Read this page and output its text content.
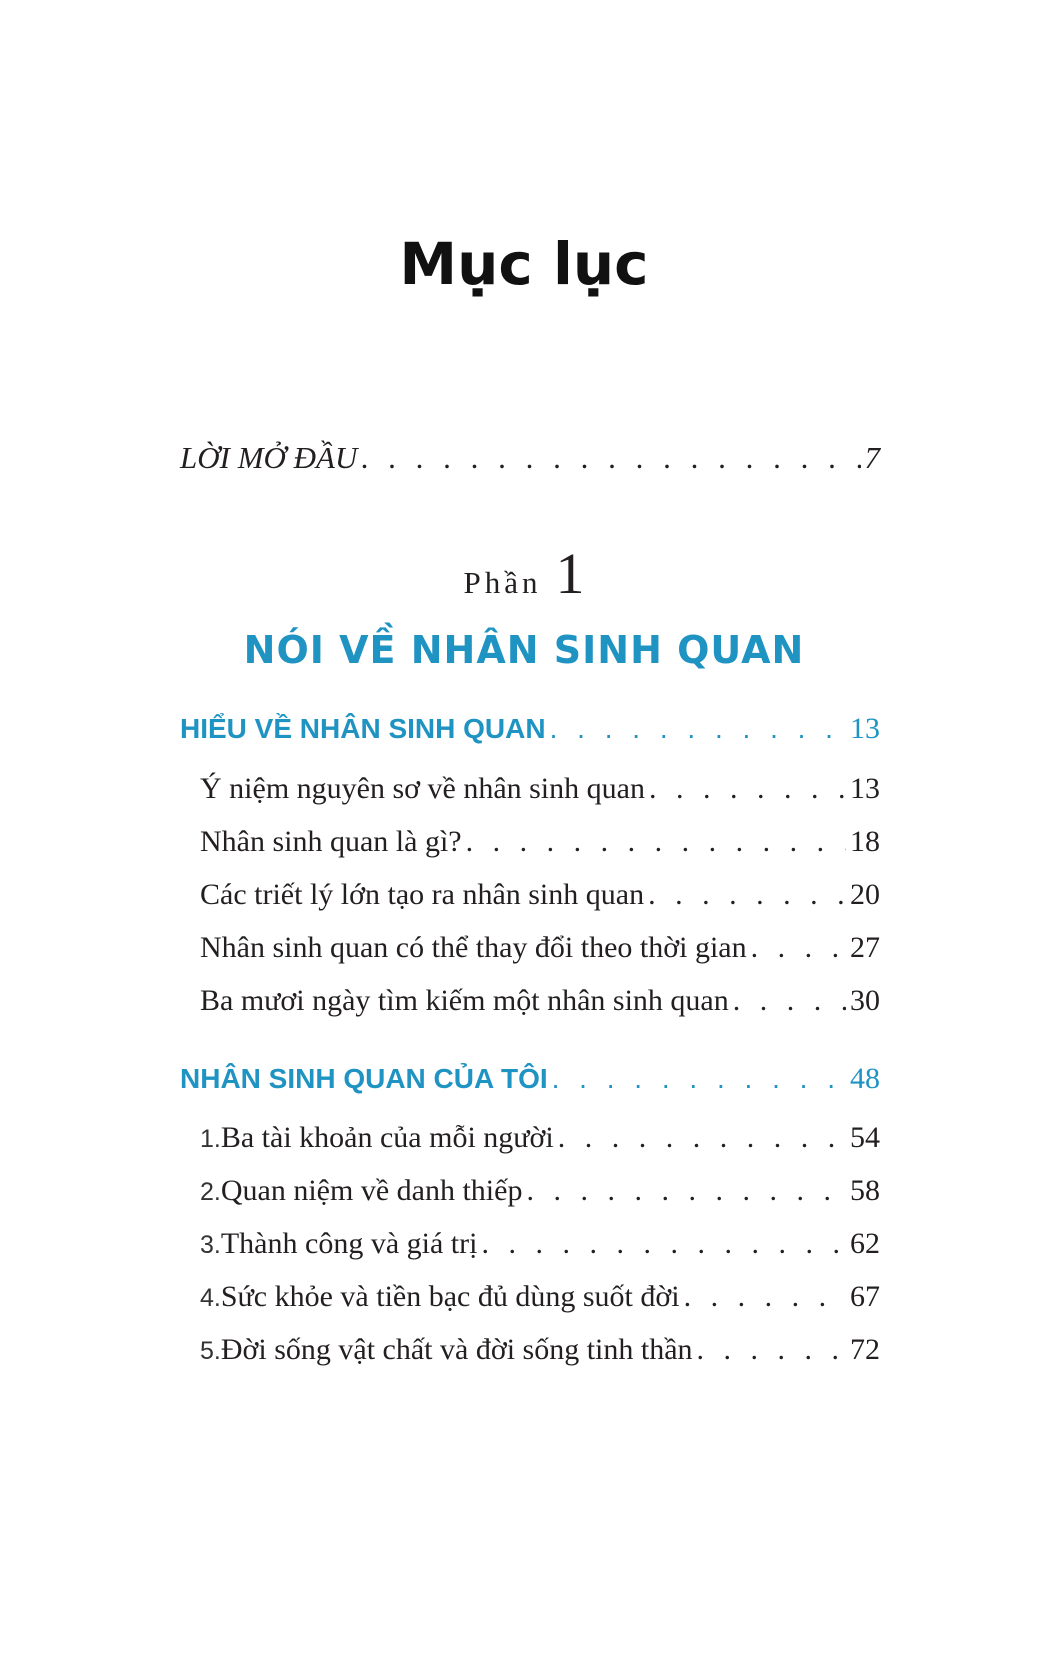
Mục lục
LỜI MỞ ĐẦU . . .	7
Phần 1
NÓI VỀ NHÂN SINH QUAN
HIỂU VỀ NHÂN SINH QUAN . . .	13
Ý niệm nguyên sơ về nhân sinh quan . . .	13
Nhân sinh quan là gì? . . .	18
Các triết lý lớn tạo ra nhân sinh quan . . .	20
Nhân sinh quan có thể thay đổi theo thời gian . . .	27
Ba mươi ngày tìm kiếm một nhân sinh quan . . .	30
NHÂN SINH QUAN CỦA TÔI . . .	48
1. Ba tài khoản của mỗi người . . .	54
2. Quan niệm về danh thiếp . . .	58
3. Thành công và giá trị . . .	62
4. Sức khỏe và tiền bạc đủ dùng suốt đời . . .	67
5. Đời sống vật chất và đời sống tinh thần . . .	72
